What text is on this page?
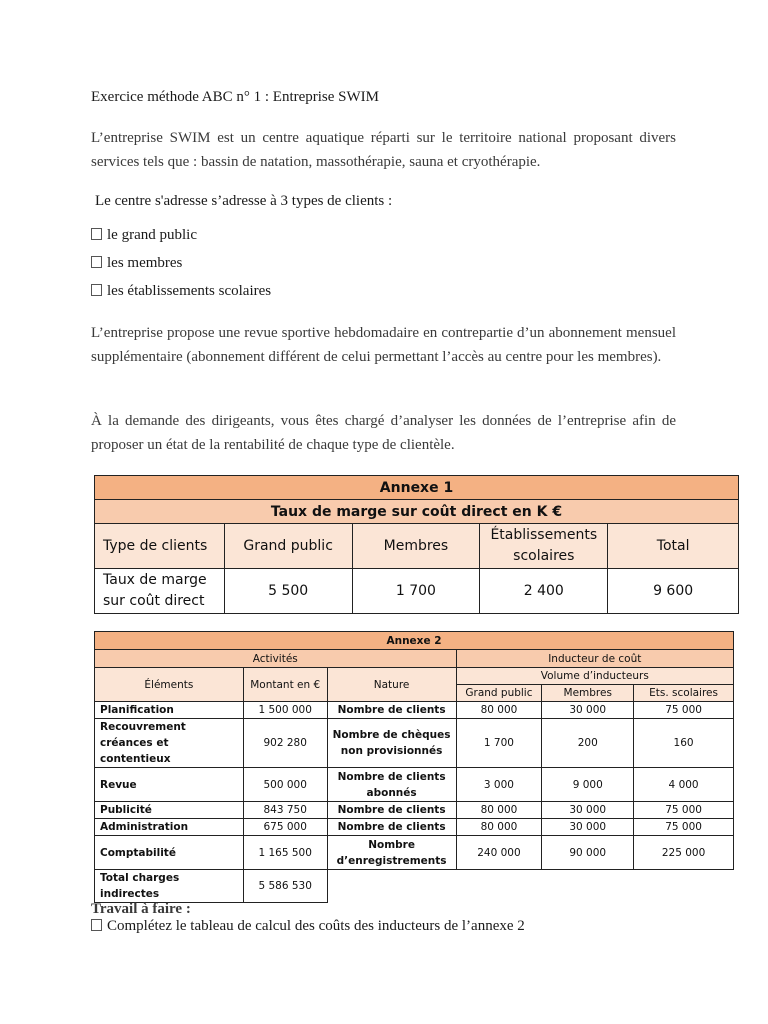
Exercice méthode ABC n° 1 : Entreprise SWIM
L’entreprise SWIM est un centre aquatique réparti sur le territoire national proposant divers services tels que : bassin de natation, massothérapie, sauna et cryothérapie.
Le centre s'adresse s’adresse à 3 types de clients :
le grand public
les membres
les établissements scolaires
L’entreprise propose une revue sportive hebdomadaire en contrepartie d’un abonnement mensuel supplémentaire (abonnement différent de celui permettant l’accès au centre pour les membres).
À la demande des dirigeants, vous êtes chargé d’analyser les données de l’entreprise afin de proposer un état de la rentabilité de chaque type de clientèle.
Annexe 1				
Taux de marge sur coût direct en K €				
Type de clients	Grand public	Membres	Établissements scolaires	Total
Taux de marge sur coût direct	5 500	1 700	2 400	9 600
Annexe 2					
Activités			Inducteur de coût		
Éléments	Montant en €	Nature	Volume d’inducteurs		
			Grand public	Membres	Ets. scolaires
Planification	1 500 000	Nombre de clients	80 000	30 000	75 000
Recouvrement créances et contentieux	902 280	Nombre de chèques non provisionnés	1 700	200	160
Revue	500 000	Nombre de clients abonnés	3 000	9 000	4 000
Publicité	843 750	Nombre de clients	80 000	30 000	75 000
Administration	675 000	Nombre de clients	80 000	30 000	75 000
Comptabilité	1 165 500	Nombre d’enregistrements	240 000	90 000	225 000
Total charges indirectes	5 586 530				
Travail à faire :
Complétez le tableau de calcul des coûts des inducteurs de l’annexe 2
